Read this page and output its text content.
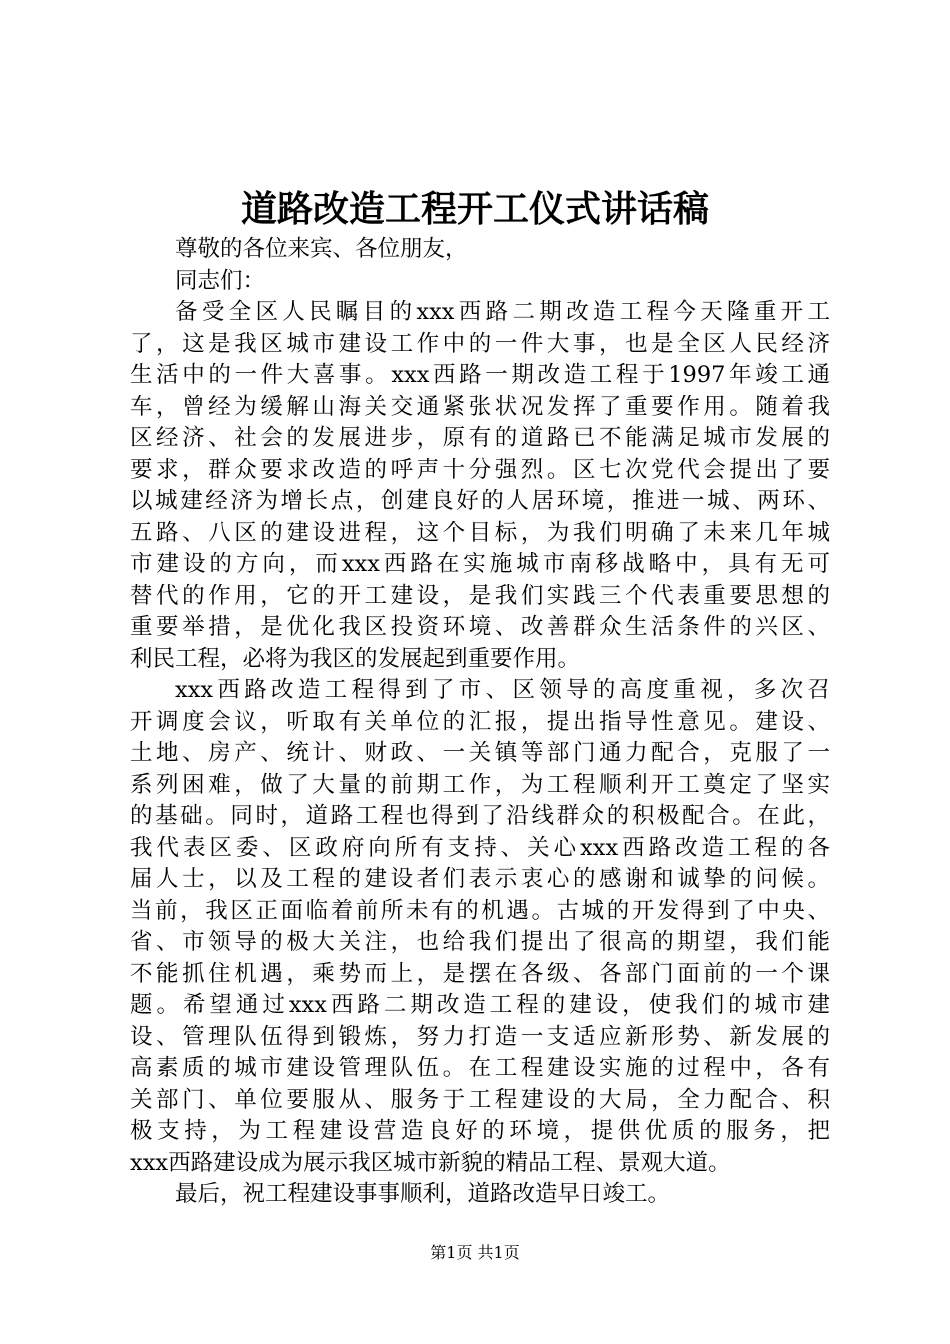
道路改造工程开工仪式讲话稿
尊敬的各位来宾、各位朋友，
同志们：
备受全区人民瞩目的xxx西路二期改造工程今天隆重开工
了，这是我区城市建设工作中的一件大事，也是全区人民经济
生活中的一件大喜事。xxx西路一期改造工程于1997年竣工通
车，曾经为缓解山海关交通紧张状况发挥了重要作用。随着我
区经济、社会的发展进步，原有的道路已不能满足城市发展的
要求，群众要求改造的呼声十分强烈。区七次党代会提出了要
以城建经济为增长点，创建良好的人居环境，推进一城、两环、
五路、八区的建设进程，这个目标，为我们明确了未来几年城
市建设的方向，而xxx西路在实施城市南移战略中，具有无可
替代的作用，它的开工建设，是我们实践三个代表重要思想的
重要举措，是优化我区投资环境、改善群众生活条件的兴区、
利民工程，必将为我区的发展起到重要作用。
xxx西路改造工程得到了市、区领导的高度重视，多次召
开调度会议，听取有关单位的汇报，提出指导性意见。建设、
土地、房产、统计、财政、一关镇等部门通力配合，克服了一
系列困难，做了大量的前期工作，为工程顺利开工奠定了坚实
的基础。同时，道路工程也得到了沿线群众的积极配合。在此，
我代表区委、区政府向所有支持、关心xxx西路改造工程的各
届人士，以及工程的建设者们表示衷心的感谢和诚挚的问候。
当前，我区正面临着前所未有的机遇。古城的开发得到了中央、
省、市领导的极大关注，也给我们提出了很高的期望，我们能
不能抓住机遇，乘势而上，是摆在各级、各部门面前的一个课
题。希望通过xxx西路二期改造工程的建设，使我们的城市建
设、管理队伍得到锻炼，努力打造一支适应新形势、新发展的
高素质的城市建设管理队伍。在工程建设实施的过程中，各有
关部门、单位要服从、服务于工程建设的大局，全力配合、积
极支持，为工程建设营造良好的环境，提供优质的服务，把
xxx西路建设成为展示我区城市新貌的精品工程、景观大道。
最后，祝工程建设事事顺利，道路改造早日竣工。
第1页 共1页
